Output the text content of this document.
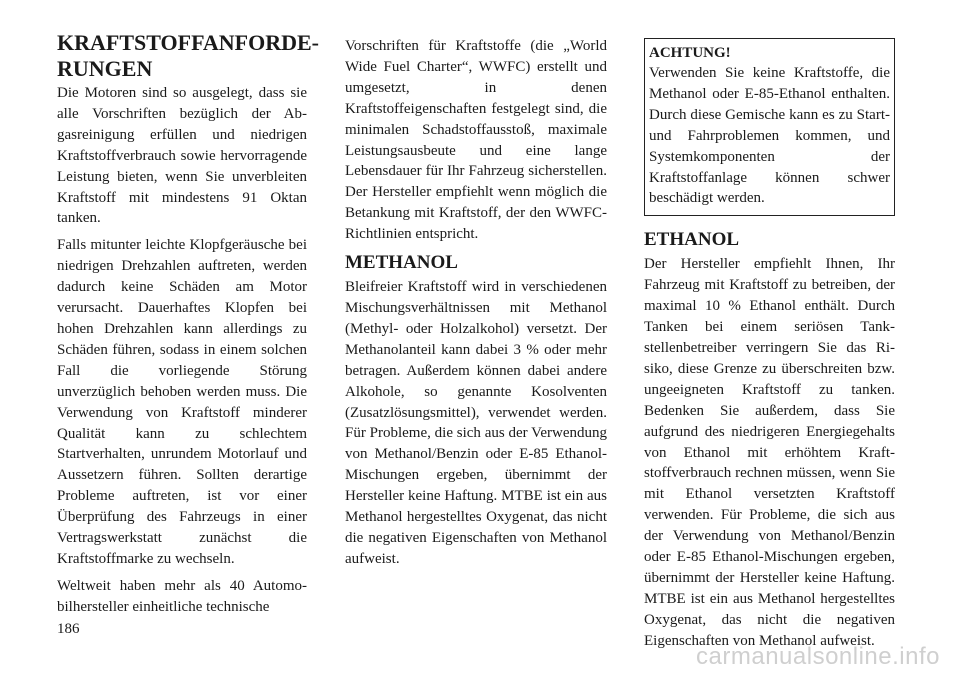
KRAFTSTOFFANFORDE-
RUNGEN

Die Motoren sind so ausgelegt, dass sie alle Vorschriften bezüglich der Abgasreinigung erfüllen und niedrigen Kraftstoffverbrauch sowie hervorragende Leistung bieten, wenn Sie unverbleiten Kraftstoff mit mindestens 91 Oktan tanken.

Falls mitunter leichte Klopfgeräusche bei niedrigen Drehzahlen auftreten, werden dadurch keine Schäden am Motor verursacht. Dauerhaftes Klopfen bei hohen Drehzahlen kann allerdings zu Schäden führen, sodass in einem solchen Fall die vorliegende Störung unverzüglich behoben werden muss. Die Verwendung von Kraftstoff minderer Qualität kann zu schlechtem Startverhalten, unrundem Motorlauf und Aussetzern führen. Sollten derartige Probleme auftreten, ist vor einer Überprüfung des Fahrzeugs in einer Vertragswerkstatt zunächst die Kraftstoffmarke zu wechseln.

Weltweit haben mehr als 40 Automobilhersteller einheitliche technische

Vorschriften für Kraftstoffe (die „World Wide Fuel Charter“, WWFC) erstellt und umgesetzt, in denen Kraftstoffeigenschaften festgelegt sind, die minimalen Schadstoffausstoß, maximale Leistungsausbeute und eine lange Lebensdauer für Ihr Fahrzeug sicherstellen. Der Hersteller empfiehlt wenn möglich die Betankung mit Kraftstoff, der den WWFC-Richtlinien entspricht.

METHANOL

Bleifreier Kraftstoff wird in verschiedenen Mischungsverhältnissen mit Methanol (Methyl- oder Holzalkohol) versetzt. Der Methanolanteil kann dabei 3 % oder mehr betragen. Außerdem können dabei andere Alkohole, so genannte Kosolventen (Zusatzlösungsmittel), verwendet werden. Für Probleme, die sich aus der Verwendung von Methanol/Benzin oder E-85 Ethanol-Mischungen ergeben, übernimmt der Hersteller keine Haftung. MTBE ist ein aus Methanol hergestelltes Oxygenat, das nicht die negativen Eigenschaften von Methanol aufweist.

ACHTUNG!
Verwenden Sie keine Kraftstoffe, die Methanol oder E-85-Ethanol enthalten. Durch diese Gemische kann es zu Start- und Fahrproblemen kommen, und Systemkomponenten der Kraftstoffanlage können schwer beschädigt werden.
ETHANOL

Der Hersteller empfiehlt Ihnen, Ihr Fahrzeug mit Kraftstoff zu betreiben, der maximal 10 % Ethanol enthält. Durch Tanken bei einem seriösen Tankstellenbetreiber verringern Sie das Risiko, diese Grenze zu überschreiten bzw. ungeeigneten Kraftstoff zu tanken. Bedenken Sie außerdem, dass Sie aufgrund des niedrigeren Energiegehalts von Ethanol mit erhöhtem Kraftstoffverbrauch rechnen müssen, wenn Sie mit Ethanol versetzten Kraftstoff verwenden. Für Probleme, die sich aus der Verwendung von Methanol/Benzin oder E-85 Ethanol-Mischungen ergeben, übernimmt der Hersteller keine Haftung. MTBE ist ein aus Methanol hergestelltes Oxygenat, das nicht die negativen Eigenschaften von Methanol aufweist.

186
carmanualsonline.info
